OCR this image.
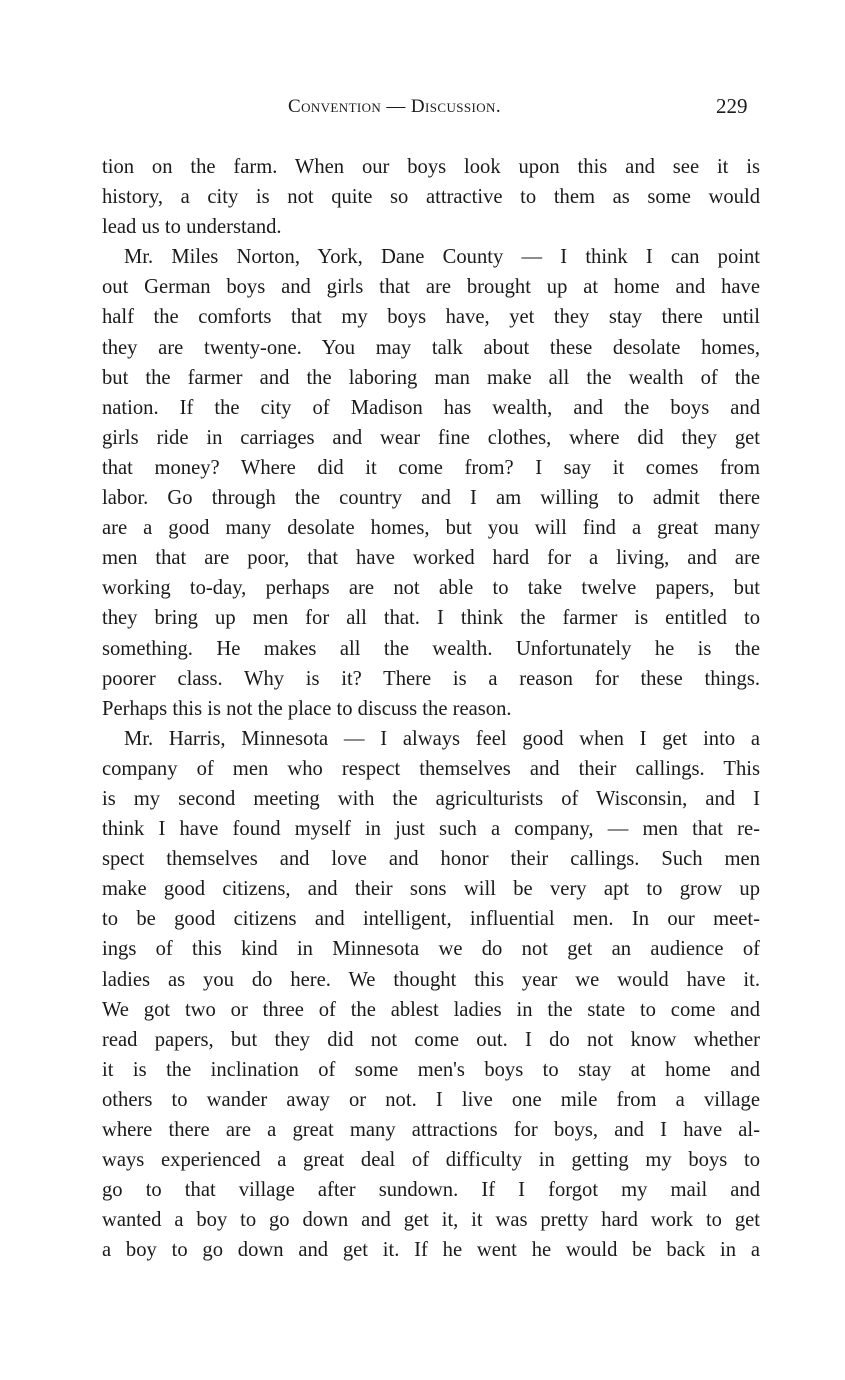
Convention — Discussion.	229
tion on the farm. When our boys look upon this and see it is
history, a city is not quite so attractive to them as some would
lead us to understand.
Mr. Miles Norton, York, Dane County — I think I can point
out German boys and girls that are brought up at home and have
half the comforts that my boys have, yet they stay there until
they are twenty-one. You may talk about these desolate homes,
but the farmer and the laboring man make all the wealth of the
nation. If the city of Madison has wealth, and the boys and
girls ride in carriages and wear fine clothes, where did they get
that money? Where did it come from? I say it comes from
labor. Go through the country and I am willing to admit there
are a good many desolate homes, but you will find a great many
men that are poor, that have worked hard for a living, and are
working to-day, perhaps are not able to take twelve papers, but
they bring up men for all that. I think the farmer is entitled to
something. He makes all the wealth. Unfortunately he is the
poorer class. Why is it? There is a reason for these things.
Perhaps this is not the place to discuss the reason.
Mr. Harris, Minnesota — I always feel good when I get into a
company of men who respect themselves and their callings. This
is my second meeting with the agriculturists of Wisconsin, and I
think I have found myself in just such a company, — men that re-
spect themselves and love and honor their callings. Such men
make good citizens, and their sons will be very apt to grow up
to be good citizens and intelligent, influential men. In our meet-
ings of this kind in Minnesota we do not get an audience of
ladies as you do here. We thought this year we would have it.
We got two or three of the ablest ladies in the state to come and
read papers, but they did not come out. I do not know whether
it is the inclination of some men's boys to stay at home and
others to wander away or not. I live one mile from a village
where there are a great many attractions for boys, and I have al-
ways experienced a great deal of difficulty in getting my boys to
go to that village after sundown. If I forgot my mail and
wanted a boy to go down and get it, it was pretty hard work to get
a boy to go down and get it. If he went he would be back in a
